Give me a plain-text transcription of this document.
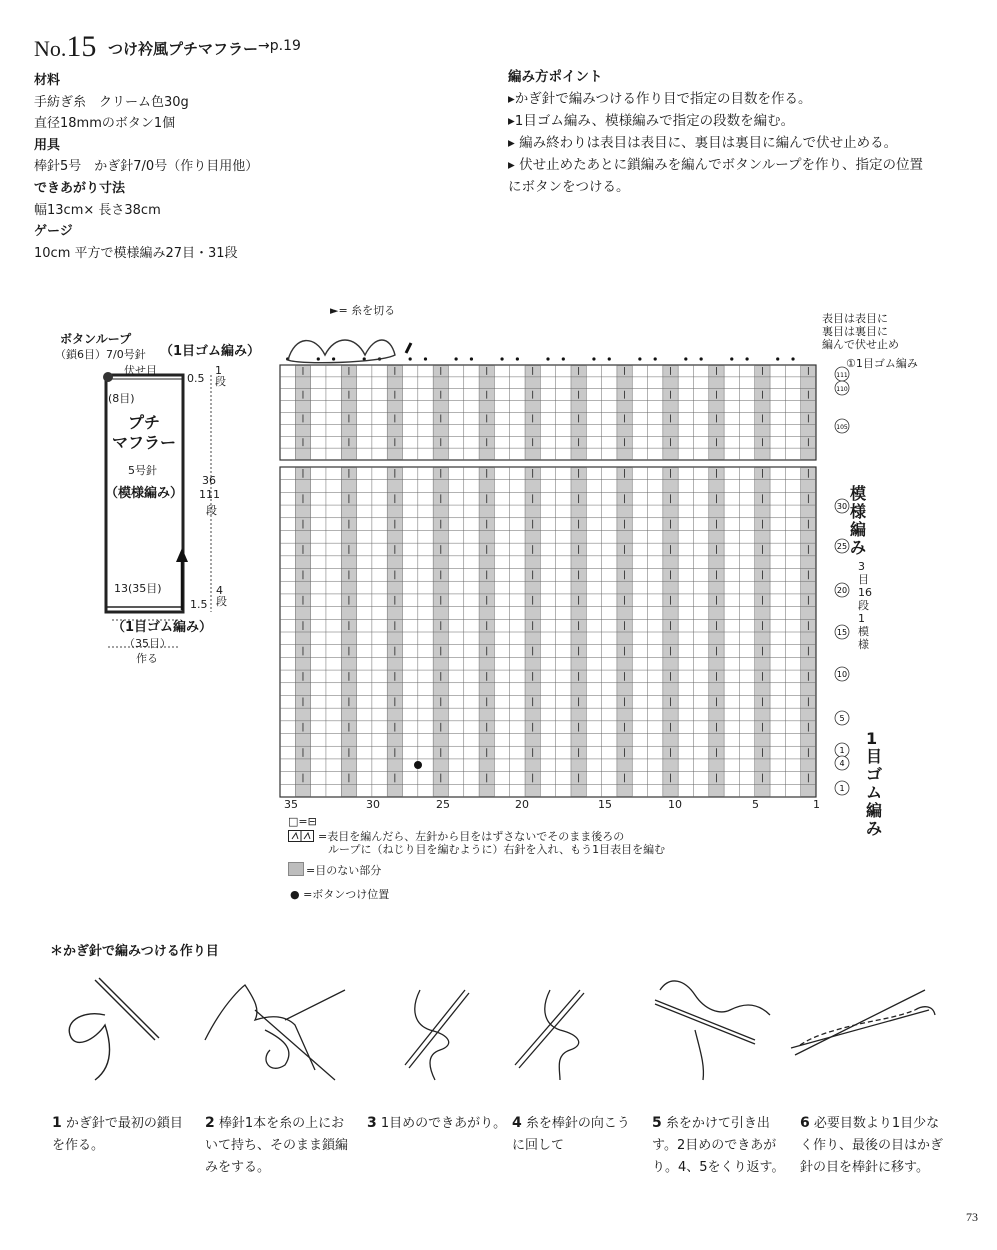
No.15 つけ衿風プチマフラー →p.19
材料
手紡ぎ糸　クリーム色30g
直径18mmのボタン1個
用具
棒針5号　かぎ針7/0号（作り目用他）
できあがり寸法
幅13cm× 長さ38cm
ゲージ
10cm 平方で模様編み27目・31段
編み方ポイント
▸かぎ針で編みつける作り目で指定の目数を作る。
▸1目ゴム編み、模様編みで指定の段数を編む。
▸ 編み終わりは表目は表目に、裏目は裏目に編んで伏せ止める。
▸ 伏せ止めたあとに鎖編みを編んでボタンループを作り、指定の位置
にボタンをつける。
ボタンループ
（鎖6目）7/0号針
伏せ目
(8目)
（1目ゴム編み）
プチ
マフラー
5号針
（模様編み）
0.5
1段
36
111
段
1.5
4段
13(35目)
（1目ゴム編み）
（35目）
作る
►= 糸を切る
表目は表目に
裏目は裏目に
編んで伏せ止め
①1目ゴム編み
35	30	25	20	15	10	5	1
111
110
105
30
25
20
15
10
5
1
4
1
模様編み
3目16段1模様
1目ゴム編み
□=⊟
=表目を編んだら、左針から目をはずさないでそのまま後ろの
ループに（ねじり目を編むように）右針を入れ、もう1目表目を編む
=目のない部分
● =ボタンつけ位置
＊かぎ針で編みつける作り目
1 かぎ針で最初の鎖目
を作る。
2 棒針1本を糸の上にお
いて持ち、そのまま鎖編
みをする。
3 1目めのできあがり。 4 糸を棒針の向こう
に回して
5 糸をかけて引き出
す。2目めのできあが
り。4、5をくり返す。
6 必要目数より1目少な
く作り、最後の目はかぎ
針の目を棒針に移す。
73
